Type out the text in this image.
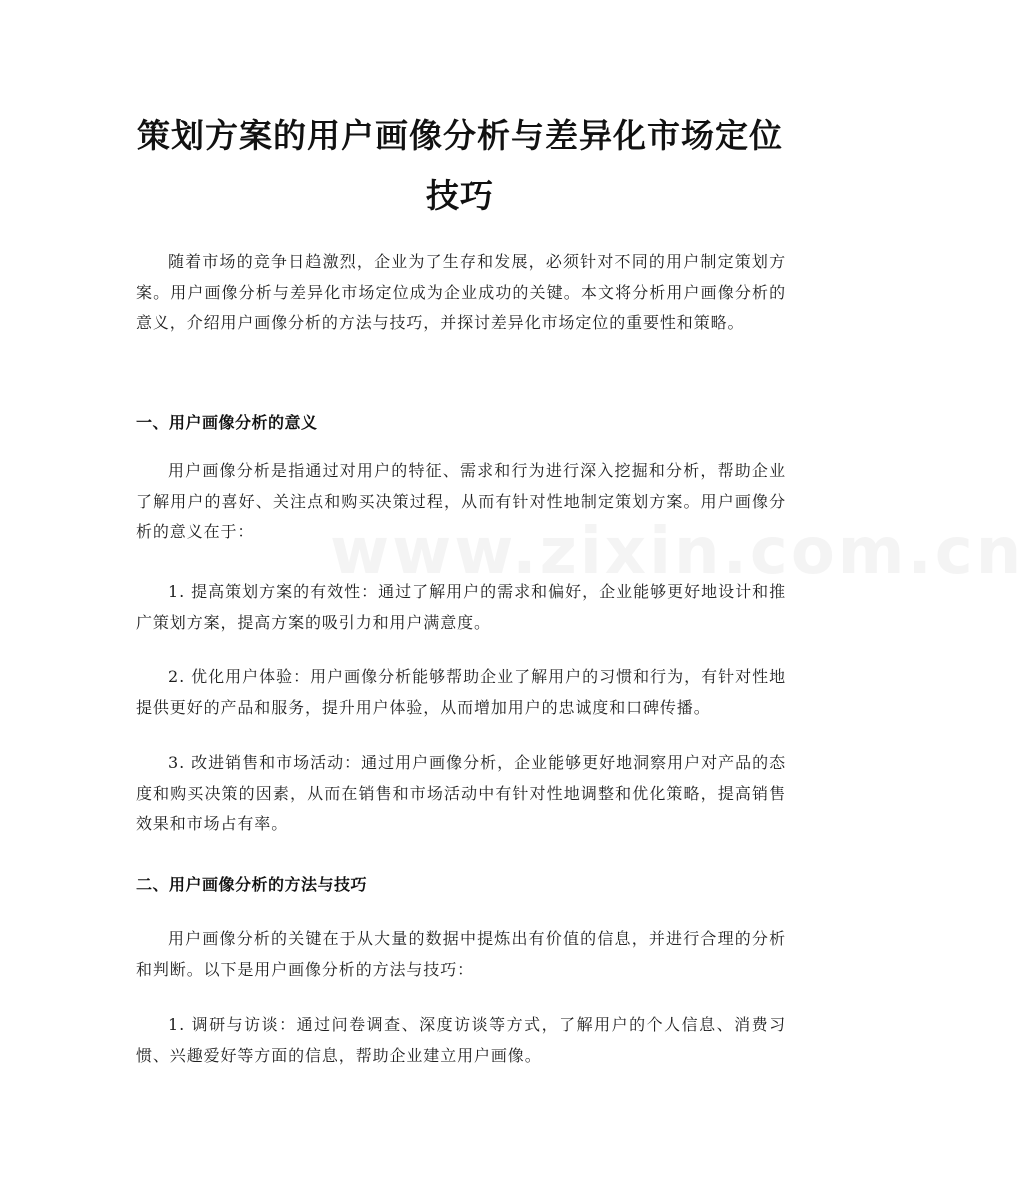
www.zixin.com.cn
策划方案的用户画像分析与差异化市场定位
技巧

随着市场的竞争日趋激烈，企业为了生存和发展，必须针对不同的用户制定策划方案。用户画像分析与差异化市场定位成为企业成功的关键。本文将分析用户画像分析的意义，介绍用户画像分析的方法与技巧，并探讨差异化市场定位的重要性和策略。

一、用户画像分析的意义

用户画像分析是指通过对用户的特征、需求和行为进行深入挖掘和分析，帮助企业了解用户的喜好、关注点和购买决策过程，从而有针对性地制定策划方案。用户画像分析的意义在于：

1. 提高策划方案的有效性：通过了解用户的需求和偏好，企业能够更好地设计和推广策划方案，提高方案的吸引力和用户满意度。

2. 优化用户体验：用户画像分析能够帮助企业了解用户的习惯和行为，有针对性地提供更好的产品和服务，提升用户体验，从而增加用户的忠诚度和口碑传播。

3. 改进销售和市场活动：通过用户画像分析，企业能够更好地洞察用户对产品的态度和购买决策的因素，从而在销售和市场活动中有针对性地调整和优化策略，提高销售效果和市场占有率。

二、用户画像分析的方法与技巧

用户画像分析的关键在于从大量的数据中提炼出有价值的信息，并进行合理的分析和判断。以下是用户画像分析的方法与技巧：

1. 调研与访谈：通过问卷调查、深度访谈等方式，了解用户的个人信息、消费习惯、兴趣爱好等方面的信息，帮助企业建立用户画像。
